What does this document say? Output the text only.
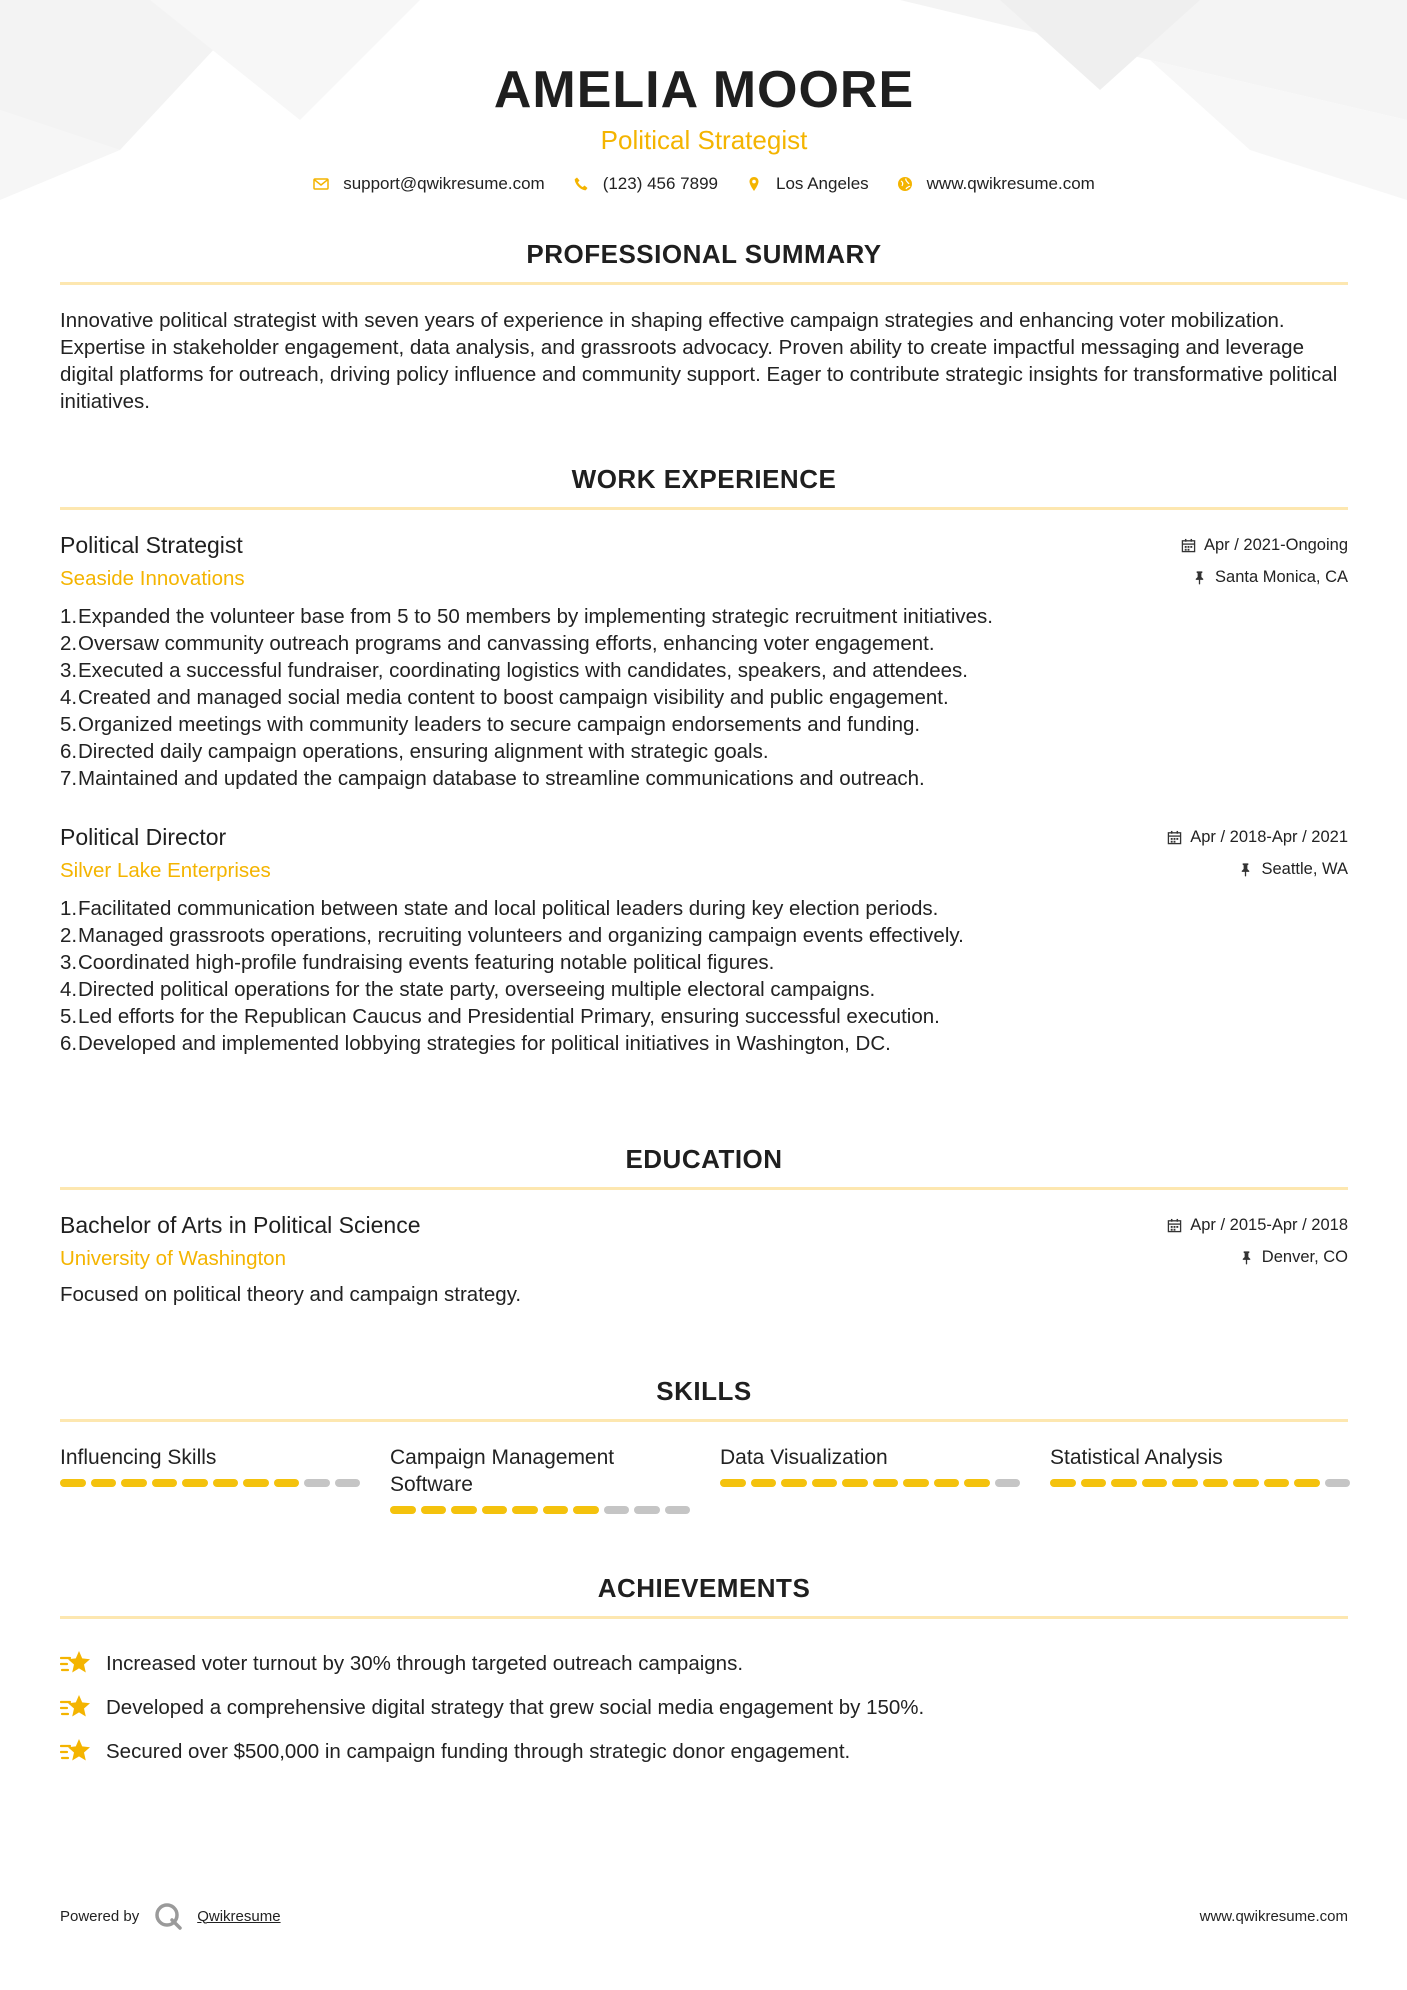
AMELIA MOORE
Political Strategist
support@qwikresume.com	(123) 456 7899	Los Angeles	www.qwikresume.com
PROFESSIONAL SUMMARY

Innovative political strategist with seven years of experience in shaping effective campaign strategies and enhancing voter mobilization. Expertise in stakeholder engagement, data analysis, and grassroots advocacy. Proven ability to create impactful messaging and leverage digital platforms for outreach, driving policy influence and community support. Eager to contribute strategic insights for transformative political initiatives.

WORK EXPERIENCE
Political Strategist
Seaside Innovations
Apr / 2021-Ongoing
Santa Monica, CA
1. Expanded the volunteer base from 5 to 50 members by implementing strategic recruitment initiatives.
2. Oversaw community outreach programs and canvassing efforts, enhancing voter engagement.
3. Executed a successful fundraiser, coordinating logistics with candidates, speakers, and attendees.
4. Created and managed social media content to boost campaign visibility and public engagement.
5. Organized meetings with community leaders to secure campaign endorsements and funding.
6. Directed daily campaign operations, ensuring alignment with strategic goals.
7. Maintained and updated the campaign database to streamline communications and outreach.
Political Director
Silver Lake Enterprises
Apr / 2018-Apr / 2021
Seattle, WA
1. Facilitated communication between state and local political leaders during key election periods.
2. Managed grassroots operations, recruiting volunteers and organizing campaign events effectively.
3. Coordinated high-profile fundraising events featuring notable political figures.
4. Directed political operations for the state party, overseeing multiple electoral campaigns.
5. Led efforts for the Republican Caucus and Presidential Primary, ensuring successful execution.
6. Developed and implemented lobbying strategies for political initiatives in Washington, DC.
EDUCATION
Bachelor of Arts in Political Science
University of Washington
Apr / 2015-Apr / 2018
Denver, CO

Focused on political theory and campaign strategy.

SKILLS
Influencing Skills	Campaign Management Software
Data Visualization	Statistical Analysis
ACHIEVEMENTS
Increased voter turnout by 30% through targeted outreach campaigns.
Developed a comprehensive digital strategy that grew social media engagement by 150%.
Secured over $500,000 in campaign funding through strategic donor engagement.
Powered by	Qwikresume	www.qwikresume.com
